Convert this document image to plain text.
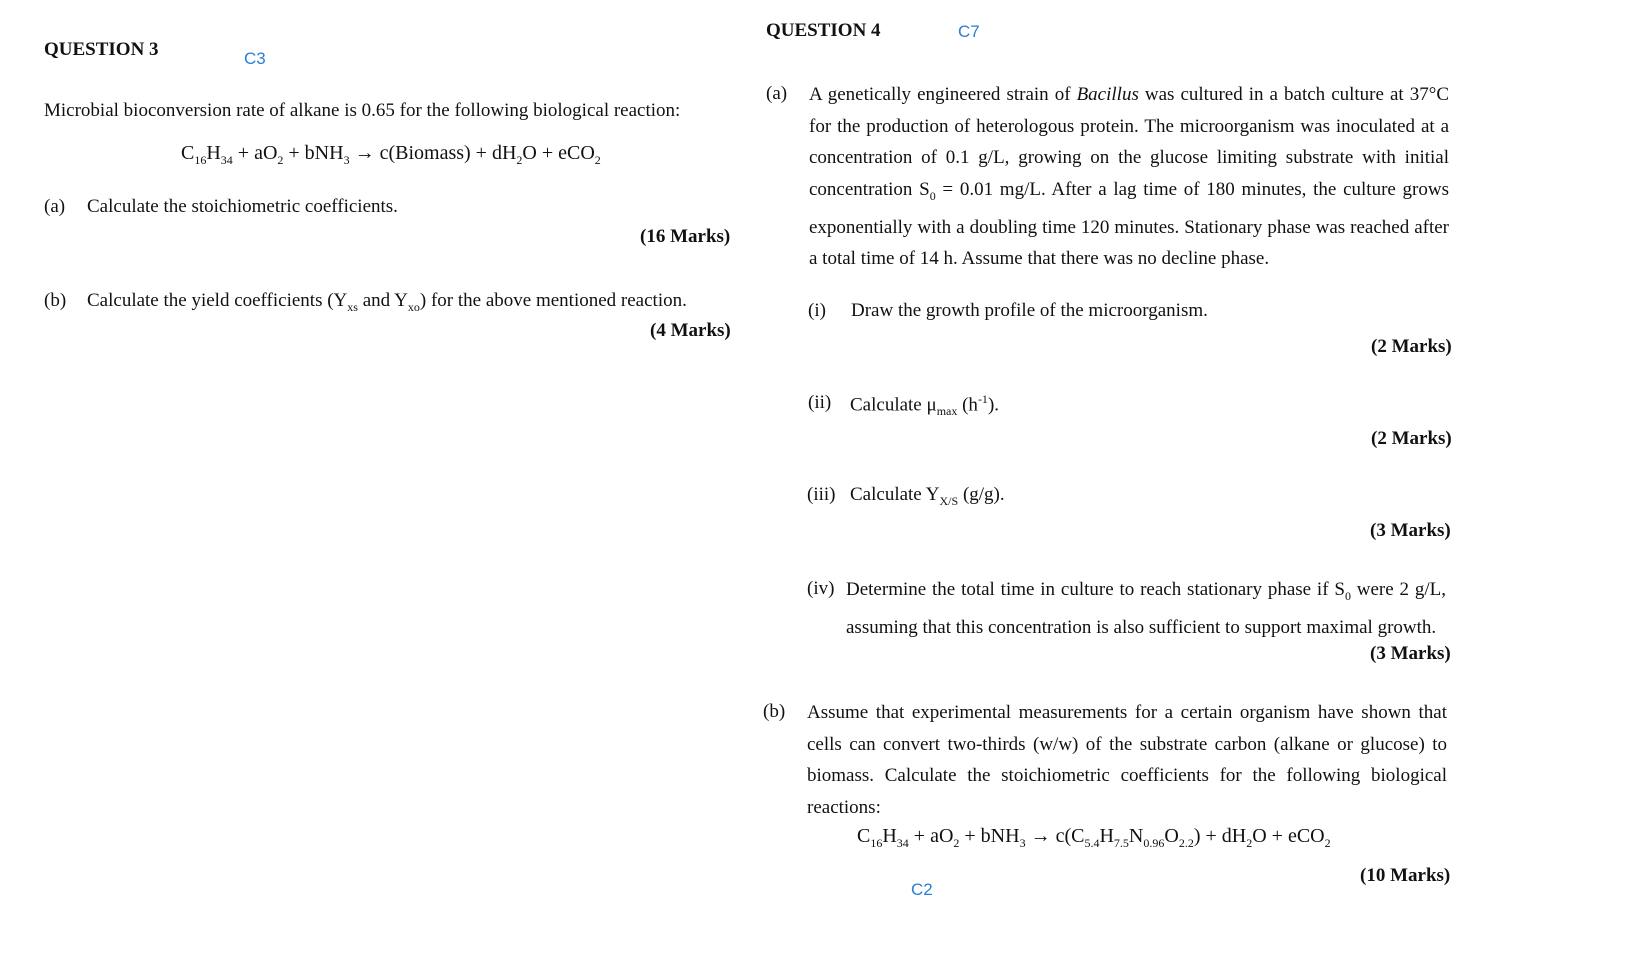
QUESTION 3	C3
Microbial bioconversion rate of alkane is 0.65 for the following biological reaction:
$C_{16}H_{34} + aO_2 + bNH_3$ → c(Biomass) + $dH_2O + eCO_2$
(a) Calculate the stoichiometric coefficients.
(16 Marks)
(b) Calculate the yield coefficients ($Y_{xs}$ and $Y_{xo}$) for the above mentioned reaction.
(4 Marks)
QUESTION 4	C7
(a) A genetically engineered strain of Bacillus was cultured in a batch culture at 37°C for the production of heterologous protein. The microorganism was inoculated at a concentration of 0.1 g/L, growing on the glucose limiting substrate with initial concentration $S_0 = 0.01$ mg/L. After a lag time of 180 minutes, the culture grows exponentially with a doubling time 120 minutes. Stationary phase was reached after a total time of 14 h. Assume that there was no decline phase.
(i) Draw the growth profile of the microorganism.
(2 Marks)
(ii) Calculate $\mu_{max}$ $(h^{-1})$.
(2 Marks)
(iii) Calculate $Y_{X/S}$ (g/g).
(3 Marks)
(iv) Determine the total time in culture to reach stationary phase if $S_0$ were 2 g/L, assuming that this concentration is also sufficient to support maximal growth.
(3 Marks)
(b) Assume that experimental measurements for a certain organism have shown that cells can convert two-thirds (w/w) of the substrate carbon (alkane or glucose) to biomass. Calculate the stoichiometric coefficients for the following biological reactions:
$C_{16}H_{34} + aO_2 + bNH_3 \to c(C_{5.4}H_{7.5}N_{0.96}O_{2.2}) + dH_2O + eCO_2$
(10 Marks)
C2
